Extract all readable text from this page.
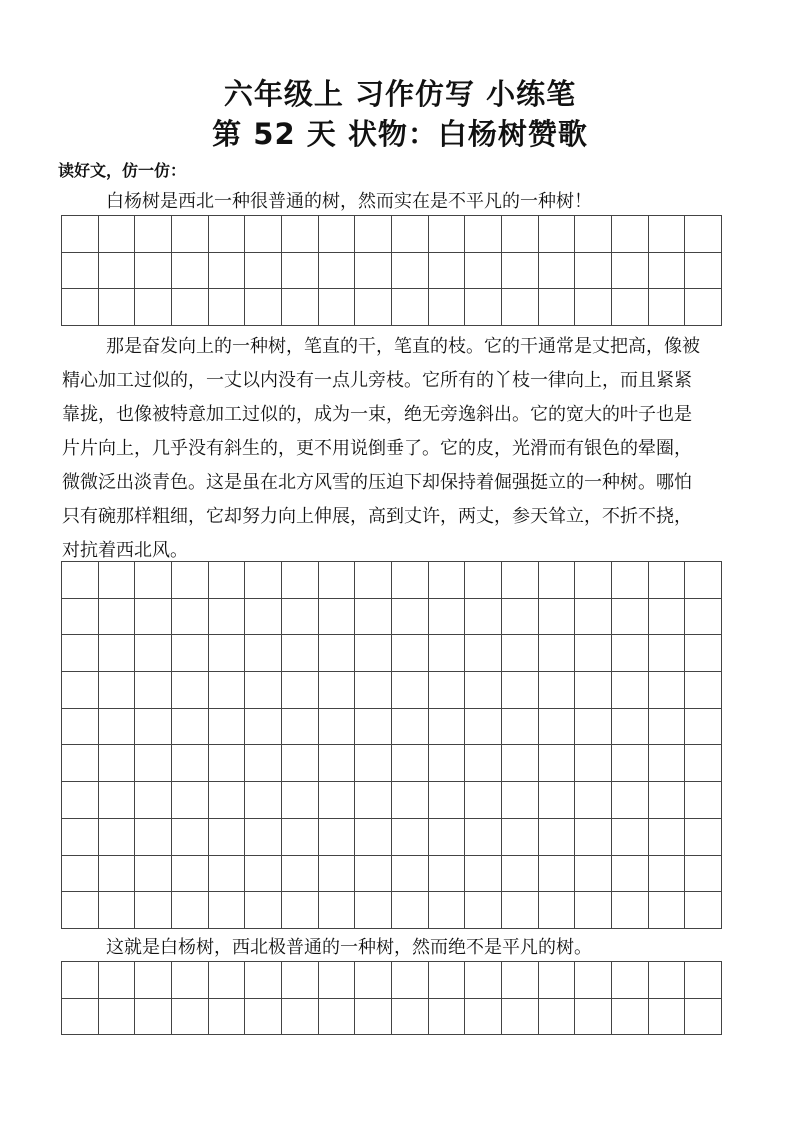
六年级上 习作仿写 小练笔
第 52 天 状物：白杨树赞歌
读好文，仿一仿：
白杨树是西北一种很普通的树，然而实在是不平凡的一种树！
那是奋发向上的一种树，笔直的干，笔直的枝。它的干通常是丈把高，像被
精心加工过似的，一丈以内没有一点儿旁枝。它所有的丫枝一律向上，而且紧紧
靠拢，也像被特意加工过似的，成为一束，绝无旁逸斜出。它的宽大的叶子也是
片片向上，几乎没有斜生的，更不用说倒垂了。它的皮，光滑而有银色的晕圈，
微微泛出淡青色。这是虽在北方风雪的压迫下却保持着倔强挺立的一种树。哪怕
只有碗那样粗细，它却努力向上伸展，高到丈许，两丈，参天耸立，不折不挠，
对抗着西北风。
这就是白杨树，西北极普通的一种树，然而绝不是平凡的树。
